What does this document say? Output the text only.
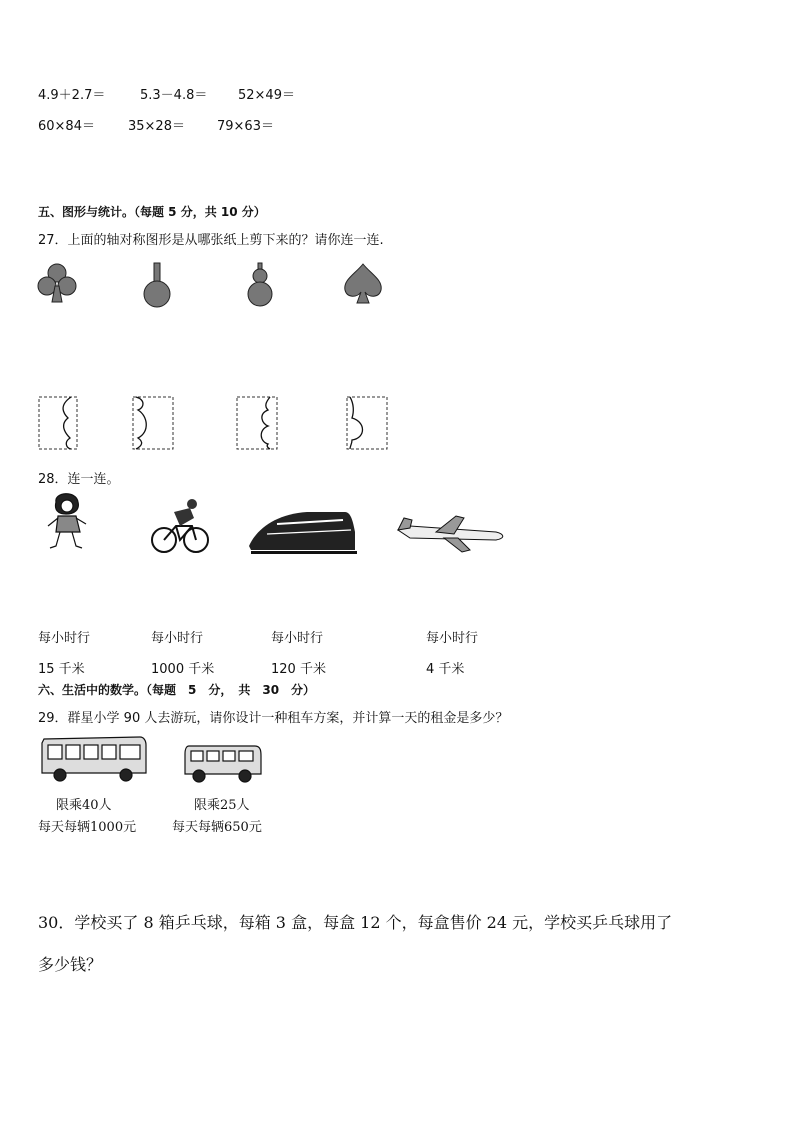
4.9＋2.7＝	5.3－4.8＝ 52×49＝
60×84＝	35×28＝ 79×63＝
五、图形与统计。（每题 5 分，共 10 分）
27．上面的轴对称图形是从哪张纸上剪下来的？请你连一连.
28．连一连。
每小时行	每小时行	每小时行	每小时行
15 千米	1000 千米	120 千米	4 千米
六、生活中的数学。（每题　5　分，　共　30　分）
29．群星小学 90 人去游玩，请你设计一种租车方案，并计算一天的租金是多少？
限乘40人
每天每辆1000元
限乘25人
每天每辆650元
30．学校买了 8 箱乒乓球，每箱 3 盒，每盒 12 个，每盒售价 24 元，学校买乒乓球用了
多少钱？
